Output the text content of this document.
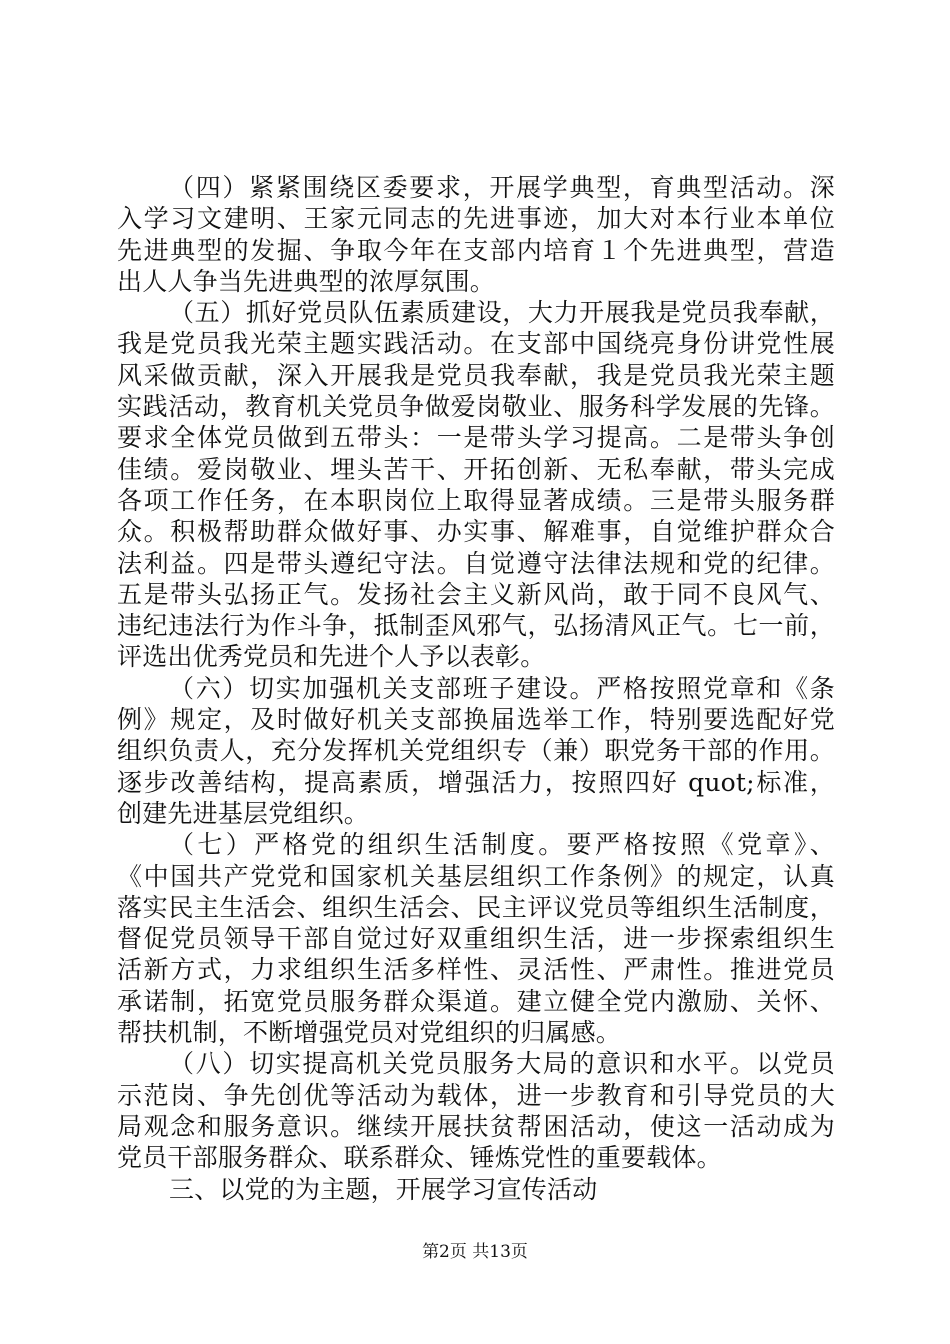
（四）紧紧围绕区委要求，开展学典型，育典型活动。深
入学习文建明、王家元同志的先进事迹，加大对本行业本单位
先进典型的发掘、争取今年在支部内培育１个先进典型，营造
出人人争当先进典型的浓厚氛围。
（五）抓好党员队伍素质建设，大力开展我是党员我奉献，
我是党员我光荣主题实践活动。在支部中国绕亮身份讲党性展
风采做贡献，深入开展我是党员我奉献，我是党员我光荣主题
实践活动，教育机关党员争做爱岗敬业、服务科学发展的先锋。
要求全体党员做到五带头：一是带头学习提高。二是带头争创
佳绩。爱岗敬业、埋头苦干、开拓创新、无私奉献，带头完成
各项工作任务，在本职岗位上取得显著成绩。三是带头服务群
众。积极帮助群众做好事、办实事、解难事，自觉维护群众合
法利益。四是带头遵纪守法。自觉遵守法律法规和党的纪律。
五是带头弘扬正气。发扬社会主义新风尚，敢于同不良风气、
违纪违法行为作斗争，抵制歪风邪气，弘扬清风正气。七一前，
评选出优秀党员和先进个人予以表彰。
（六）切实加强机关支部班子建设。严格按照党章和《条
例》规定，及时做好机关支部换届选举工作，特别要选配好党
组织负责人，充分发挥机关党组织专（兼）职党务干部的作用。
逐步改善结构，提高素质，增强活力，按照四好 quot;标准，
创建先进基层党组织。
（七）严格党的组织生活制度。要严格按照《党章》、
《中国共产党党和国家机关基层组织工作条例》的规定，认真
落实民主生活会、组织生活会、民主评议党员等组织生活制度，
督促党员领导干部自觉过好双重组织生活，进一步探索组织生
活新方式，力求组织生活多样性、灵活性、严肃性。推进党员
承诺制，拓宽党员服务群众渠道。建立健全党内激励、关怀、
帮扶机制，不断增强党员对党组织的归属感。
（八）切实提高机关党员服务大局的意识和水平。以党员
示范岗、争先创优等活动为载体，进一步教育和引导党员的大
局观念和服务意识。继续开展扶贫帮困活动，使这一活动成为
党员干部服务群众、联系群众、锤炼党性的重要载体。
三、以党的为主题，开展学习宣传活动
第2页 共13页
